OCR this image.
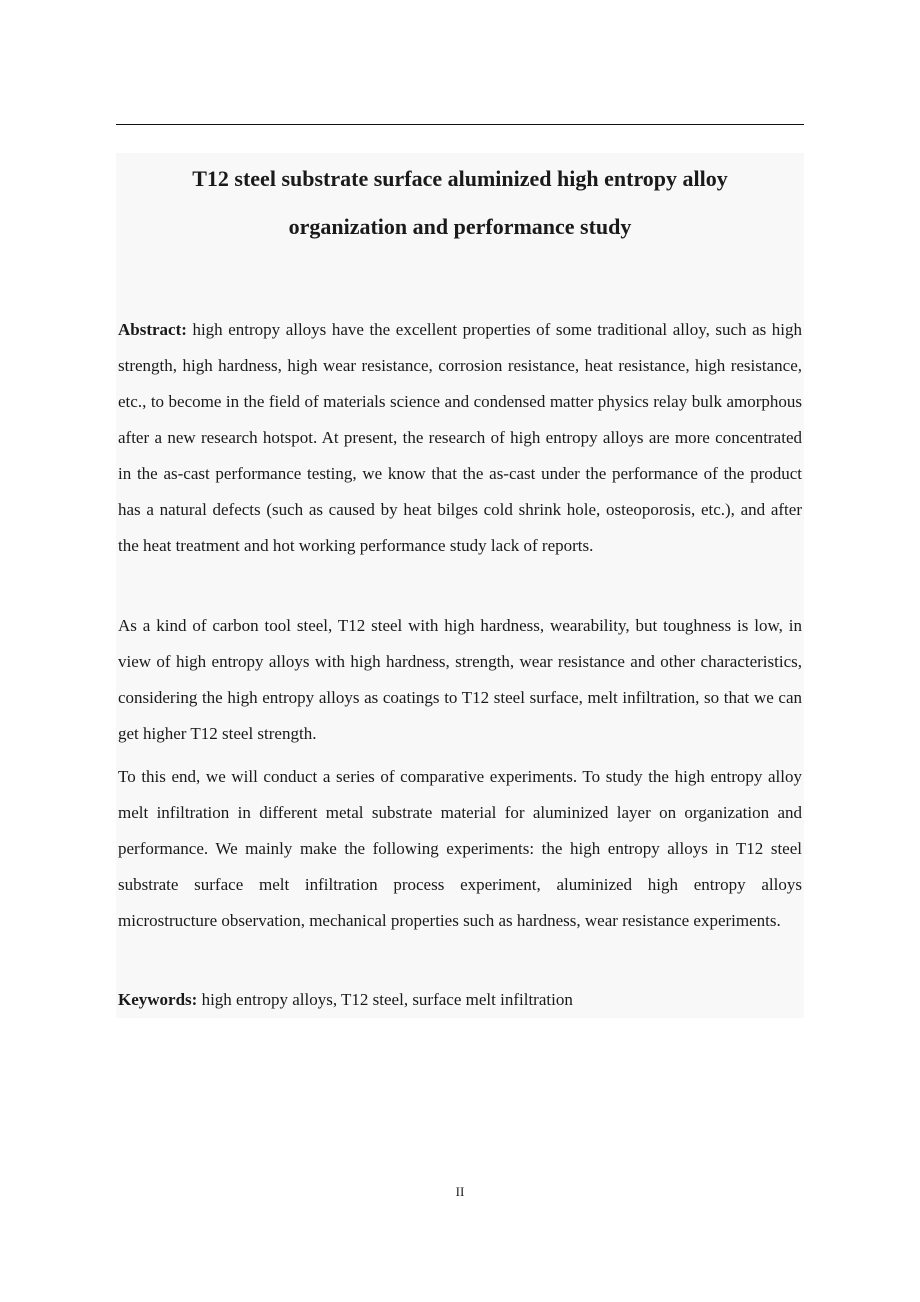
T12 steel substrate surface aluminized high entropy alloy
organization and performance study

Abstract: high entropy alloys have the excellent properties of some traditional alloy, such as high strength, high hardness, high wear resistance, corrosion resistance, heat resistance, high resistance, etc., to become in the field of materials science and condensed matter physics relay bulk amorphous after a new research hotspot. At present, the research of high entropy alloys are more concentrated in the as-cast performance testing, we know that the as-cast under the performance of the product has a natural defects (such as caused by heat bilges cold shrink hole, osteoporosis, etc.), and after the heat treatment and hot working performance study lack of reports.

As a kind of carbon tool steel, T12 steel with high hardness, wearability, but toughness is low, in view of high entropy alloys with high hardness, strength, wear resistance and other characteristics, considering the high entropy alloys as coatings to T12 steel surface, melt infiltration, so that we can get higher T12 steel strength.

To this end, we will conduct a series of comparative experiments. To study the high entropy alloy melt infiltration in different metal substrate material for aluminized layer on organization and performance. We mainly make the following experiments: the high entropy alloys in T12 steel substrate surface melt infiltration process experiment, aluminized high entropy alloys microstructure observation, mechanical properties such as hardness, wear resistance experiments.

Keywords: high entropy alloys, T12 steel, surface melt infiltration

II
